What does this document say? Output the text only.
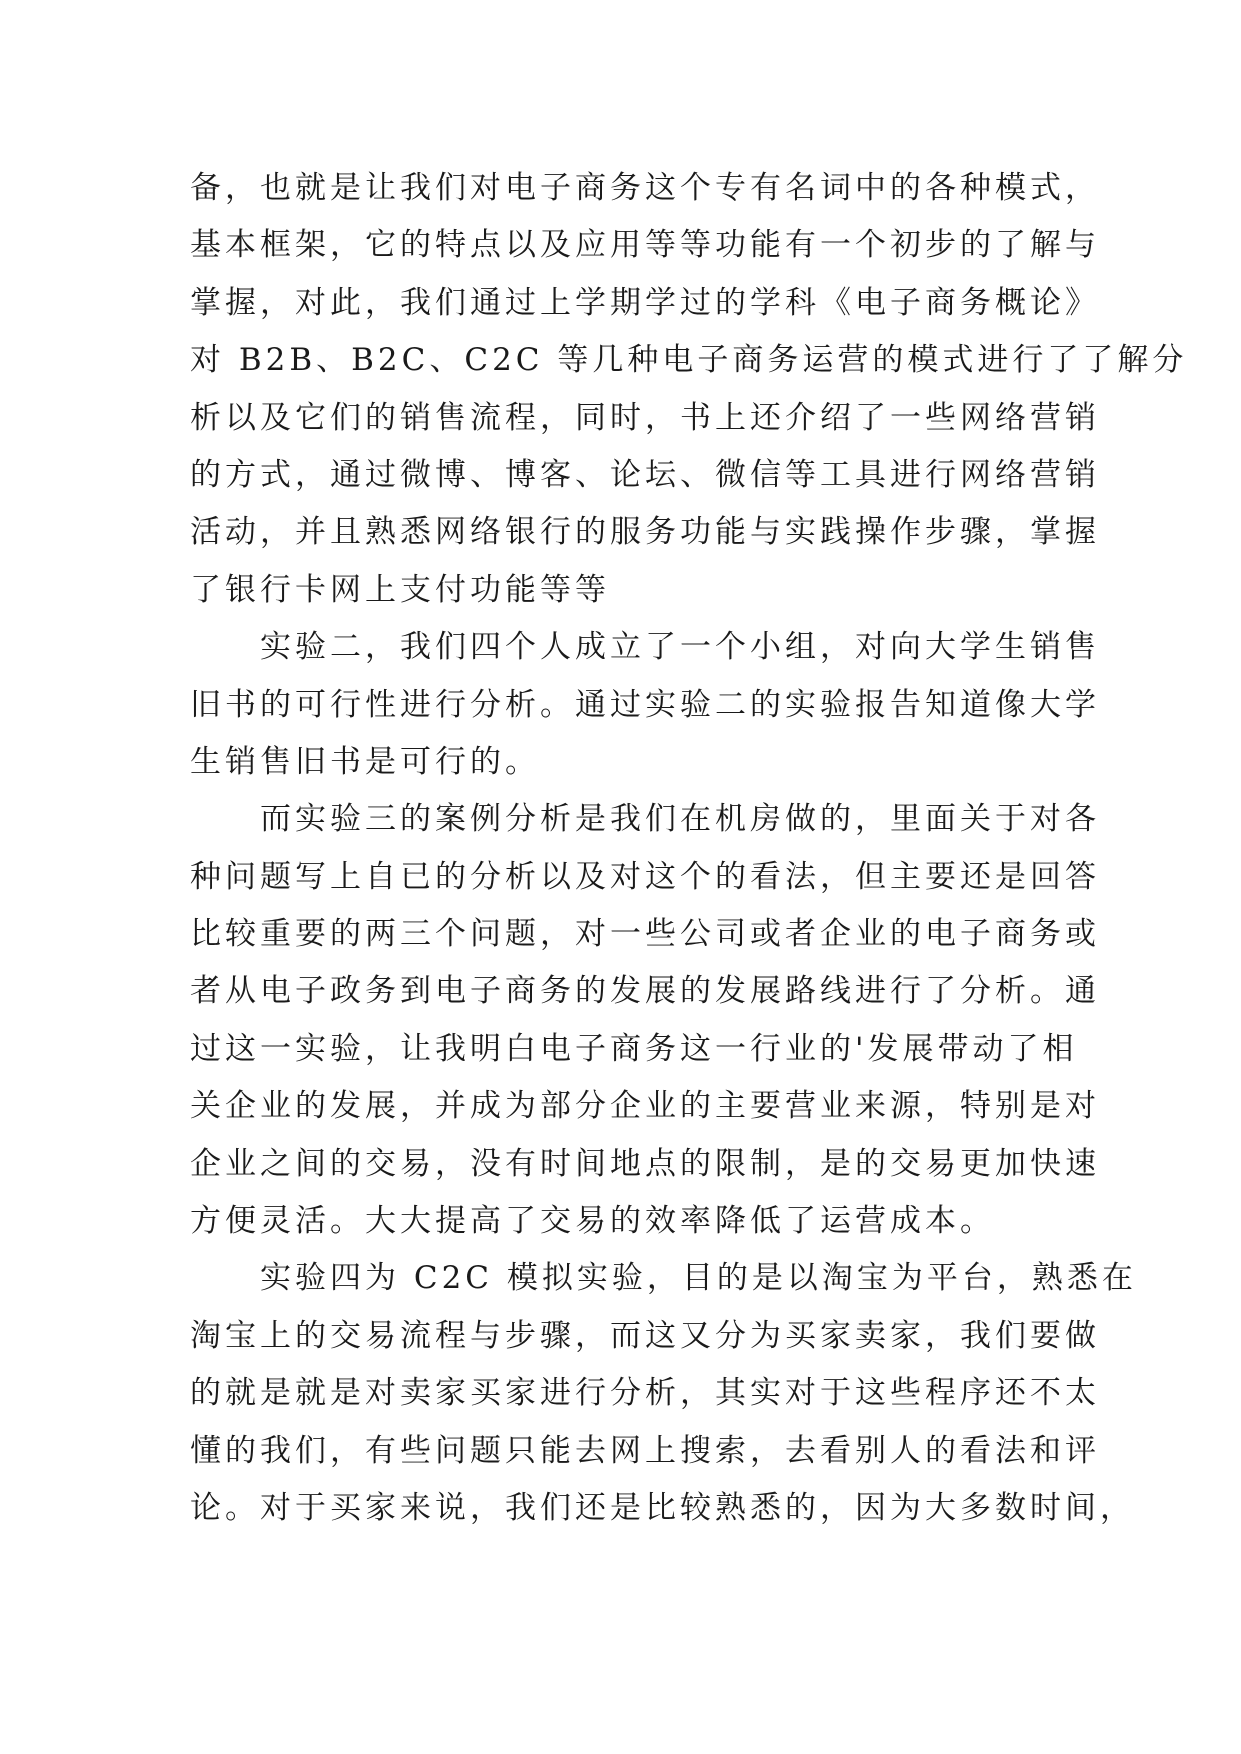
备，也就是让我们对电子商务这个专有名词中的各种模式，
基本框架，它的特点以及应用等等功能有一个初步的了解与
掌握，对此，我们通过上学期学过的学科《电子商务概论》
对 B2B、B2C、C2C 等几种电子商务运营的模式进行了了解分
析以及它们的销售流程，同时，书上还介绍了一些网络营销
的方式，通过微博、博客、论坛、微信等工具进行网络营销
活动，并且熟悉网络银行的服务功能与实践操作步骤，掌握
了银行卡网上支付功能等等
实验二，我们四个人成立了一个小组，对向大学生销售
旧书的可行性进行分析。通过实验二的实验报告知道像大学
生销售旧书是可行的。
而实验三的案例分析是我们在机房做的，里面关于对各
种问题写上自已的分析以及对这个的看法，但主要还是回答
比较重要的两三个问题，对一些公司或者企业的电子商务或
者从电子政务到电子商务的发展的发展路线进行了分析。通
过这一实验，让我明白电子商务这一行业的'发展带动了相
关企业的发展，并成为部分企业的主要营业来源，特别是对
企业之间的交易，没有时间地点的限制，是的交易更加快速
方便灵活。大大提高了交易的效率降低了运营成本。
实验四为 C2C 模拟实验，目的是以淘宝为平台，熟悉在
淘宝上的交易流程与步骤，而这又分为买家卖家，我们要做
的就是就是对卖家买家进行分析，其实对于这些程序还不太
懂的我们，有些问题只能去网上搜索，去看别人的看法和评
论。对于买家来说，我们还是比较熟悉的，因为大多数时间，
